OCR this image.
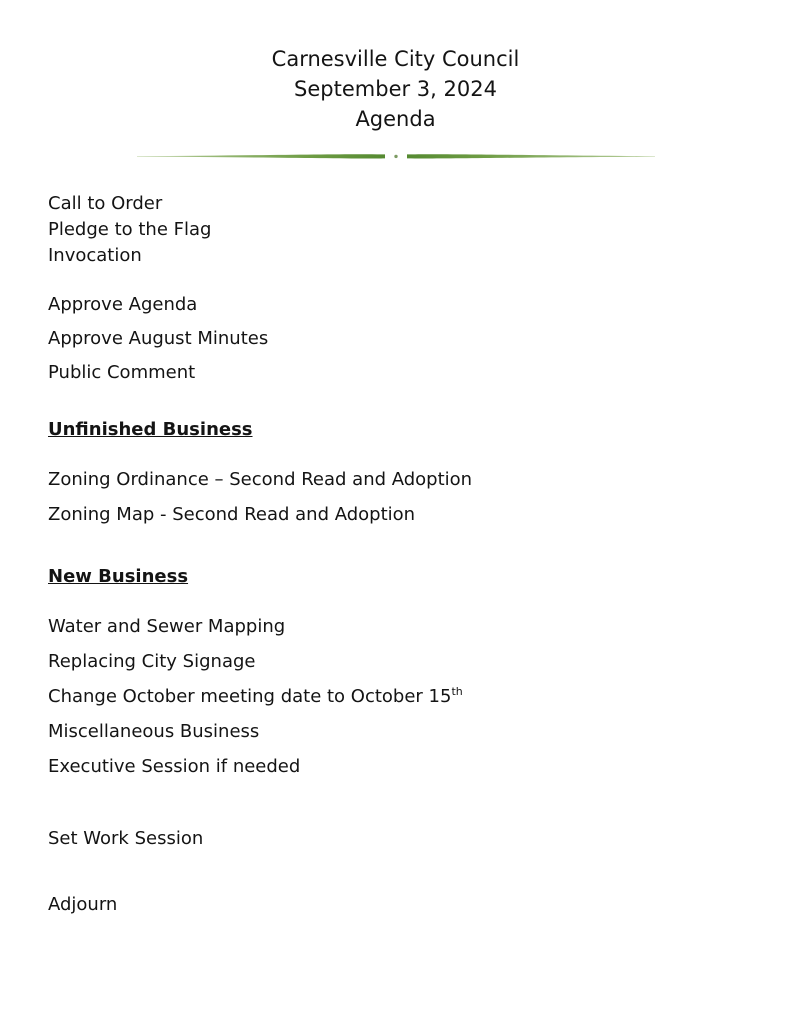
Carnesville City Council
September 3, 2024
Agenda
Call to Order
Pledge to the Flag
Invocation

Approve Agenda

Approve August Minutes

Public Comment

Unfinished Business

Zoning Ordinance – Second Read and Adoption

Zoning Map - Second Read and Adoption

New Business

Water and Sewer Mapping

Replacing City Signage

Change October meeting date to October 15th

Miscellaneous Business

Executive Session if needed

Set Work Session

Adjourn
